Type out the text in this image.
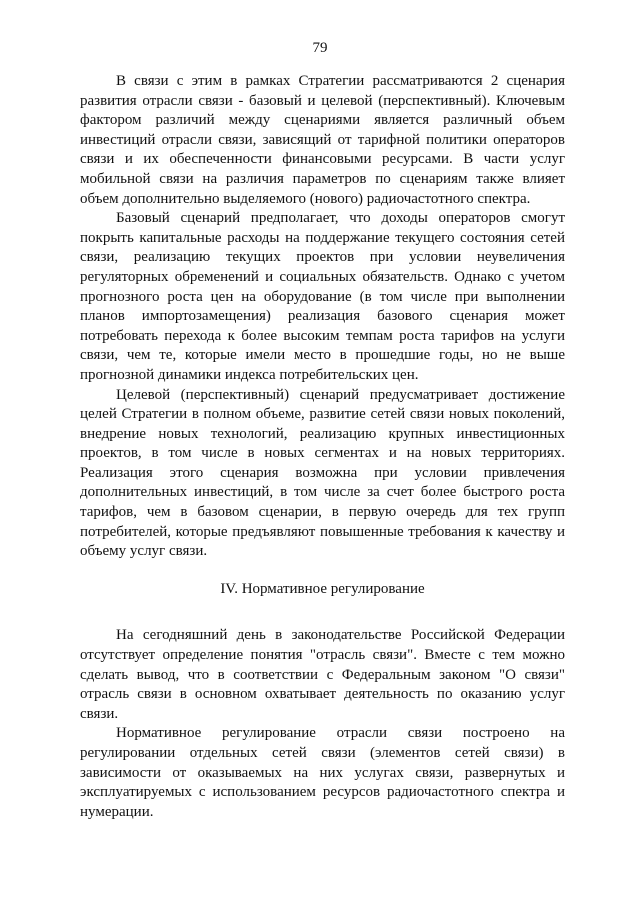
79

В связи с этим в рамках Стратегии рассматриваются 2 сценария развития отрасли связи - базовый и целевой (перспективный). Ключевым фактором различий между сценариями является различный объем инвестиций отрасли связи, зависящий от тарифной политики операторов связи и их обеспеченности финансовыми ресурсами. В части услуг мобильной связи на различия параметров по сценариям также влияет объем дополнительно выделяемого (нового) радиочастотного спектра.

Базовый сценарий предполагает, что доходы операторов смогут покрыть капитальные расходы на поддержание текущего состояния сетей связи, реализацию текущих проектов при условии неувеличения регуляторных обременений и социальных обязательств. Однако с учетом прогнозного роста цен на оборудование (в том числе при выполнении планов импортозамещения) реализация базового сценария может потребовать перехода к более высоким темпам роста тарифов на услуги связи, чем те, которые имели место в прошедшие годы, но не выше прогнозной динамики индекса потребительских цен.

Целевой (перспективный) сценарий предусматривает достижение целей Стратегии в полном объеме, развитие сетей связи новых поколений, внедрение новых технологий, реализацию крупных инвестиционных проектов, в том числе в новых сегментах и на новых территориях. Реализация этого сценария возможна при условии привлечения дополнительных инвестиций, в том числе за счет более быстрого роста тарифов, чем в базовом сценарии, в первую очередь для тех групп потребителей, которые предъявляют повышенные требования к качеству и объему услуг связи.

IV. Нормативное регулирование

На сегодняшний день в законодательстве Российской Федерации отсутствует определение понятия "отрасль связи". Вместе с тем можно сделать вывод, что в соответствии с Федеральным законом "О связи" отрасль связи в основном охватывает деятельность по оказанию услуг связи.

Нормативное регулирование отрасли связи построено на регулировании отдельных сетей связи (элементов сетей связи) в зависимости от оказываемых на них услугах связи, развернутых и эксплуатируемых с использованием ресурсов радиочастотного спектра и нумерации.
